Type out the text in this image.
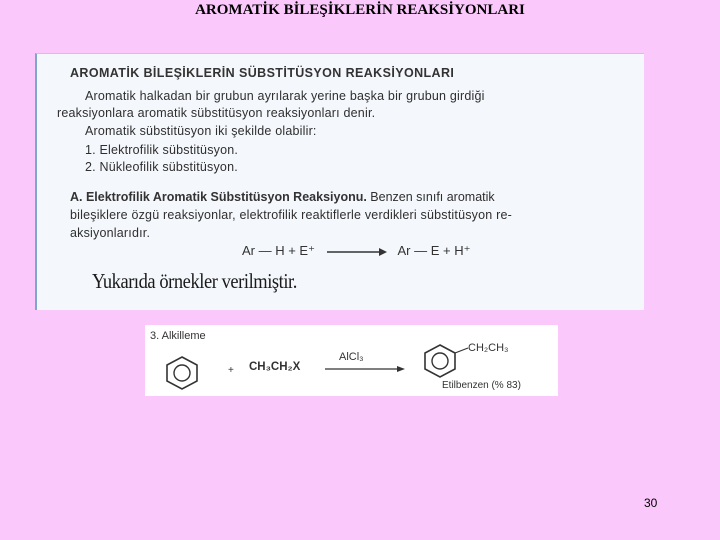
AROMATİK BİLEŞİKLERİN REAKSİYONLARI
AROMATİK BİLEŞİKLERİN SÜBSTİTÜSYON REAKSİYONLARI
Aromatik halkadan bir grubun ayrılarak yerine başka bir grubun girdiği
reaksiyonlara aromatik sübstitüsyon reaksiyonları denir.
Aromatik sübstitüsyon iki şekilde olabilir:
1. Elektrofilik sübstitüsyon.
2. Nükleofilik sübstitüsyon.
A. Elektrofilik Aromatik Sübstitüsyon Reaksiyonu. Benzen sınıfı aromatik
bileşiklere özgü reaksiyonlar, elektrofilik reaktiflerle verdikleri sübstitüsyon re-
aksiyonlarıdır.
Ar — H + E⁺	Ar — E + H⁺
Yukarıda örnekler verilmiştir.
3. Alkilleme
+ CH₃CH₂X
AlCl₃
CH₂CH₃
Etilbenzen (% 83)
30
